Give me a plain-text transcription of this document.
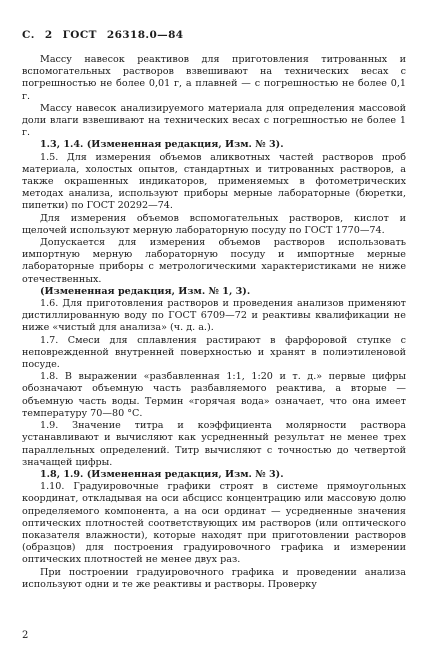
С. 2 ГОСТ 26318.0—84

Массу навесок реактивов для приготовления титрованных и вспомогательных растворов взвешивают на технических весах с погрешностью не более 0,01 г, а плавней — с погрешностью не более 0,1 г.

Массу навесок анализируемого материала для определения массовой доли влаги взвешивают на технических весах с погрешностью не более 1 г.

1.3, 1.4. (Измененная редакция, Изм. № 3).

1.5. Для измерения объемов аликвотных частей растворов проб материала, холостых опытов, стандартных и титрованных растворов, а также окрашенных индикаторов, применяемых в фотометрических методах анализа, используют приборы мерные лабораторные (бюретки, пипетки) по ГОСТ 20292—74.

Для измерения объемов вспомогательных растворов, кислот и щелочей используют мерную лабораторную посуду по ГОСТ 1770—74.

Допускается для измерения объемов растворов использовать импортную мерную лабораторную посуду и импортные мерные лабораторные приборы с метрологическими характеристиками не ниже отечественных.

(Измененная редакция, Изм. № 1, 3).

1.6. Для приготовления растворов и проведения анализов применяют дистиллированную воду по ГОСТ 6709—72 и реактивы квалификации не ниже «чистый для анализа» (ч. д. а.).

1.7. Смеси для сплавления растирают в фарфоровой ступке с неповрежденной внутренней поверхностью и хранят в полиэтиленовой посуде.

1.8. В выражении «разбавленная 1:1, 1:20 и т. д.» первые цифры обозначают объемную часть разбавляемого реактива, а вторые — объемную часть воды. Термин «горячая вода» означает, что она имеет температуру 70—80 °С.

1.9. Значение титра и коэффициента молярности раствора устанавливают и вычисляют как усредненный результат не менее трех параллельных определений. Титр вычисляют с точностью до четвертой значащей цифры.

1.8, 1.9. (Измененная редакция, Изм. № 3).

1.10. Градуировочные графики строят в системе прямоугольных координат, откладывая на оси абсцисс концентрацию или массовую долю определяемого компонента, а на оси ординат — усредненные значения оптических плотностей соответствующих им растворов (или оптического показателя влажности), которые находят при приготовлении растворов (образцов) для построения градуировочного графика и измерении оптических плотностей не менее двух раз.

При построении градуировочного графика и проведении анализа используют одни и те же реактивы и растворы. Проверку

2
